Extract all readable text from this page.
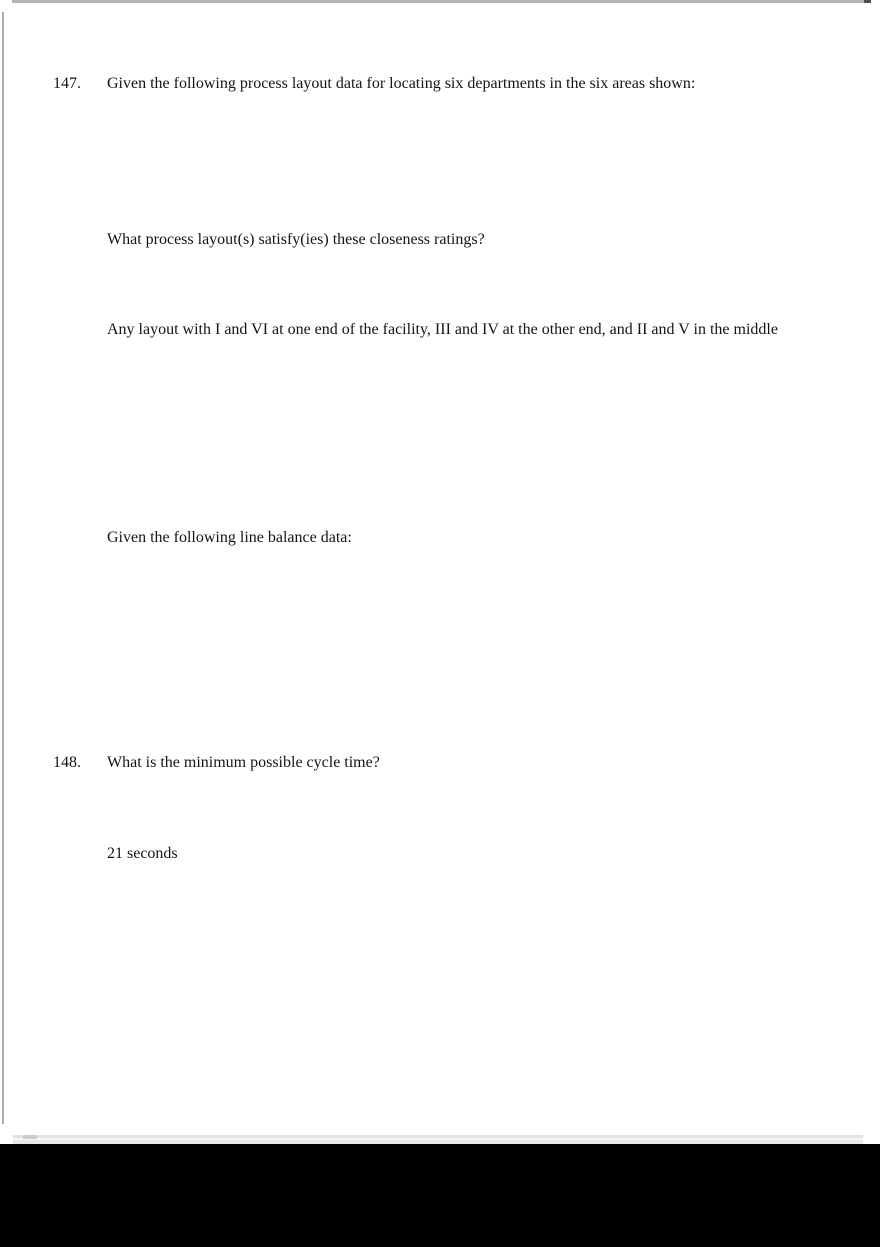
147. Given the following process layout data for locating six departments in the six areas shown:
What process layout(s) satisfy(ies) these closeness ratings?
Any layout with I and VI at one end of the facility, III and IV at the other end, and II and V in the middle
Given the following line balance data:
148. What is the minimum possible cycle time?
21 seconds
